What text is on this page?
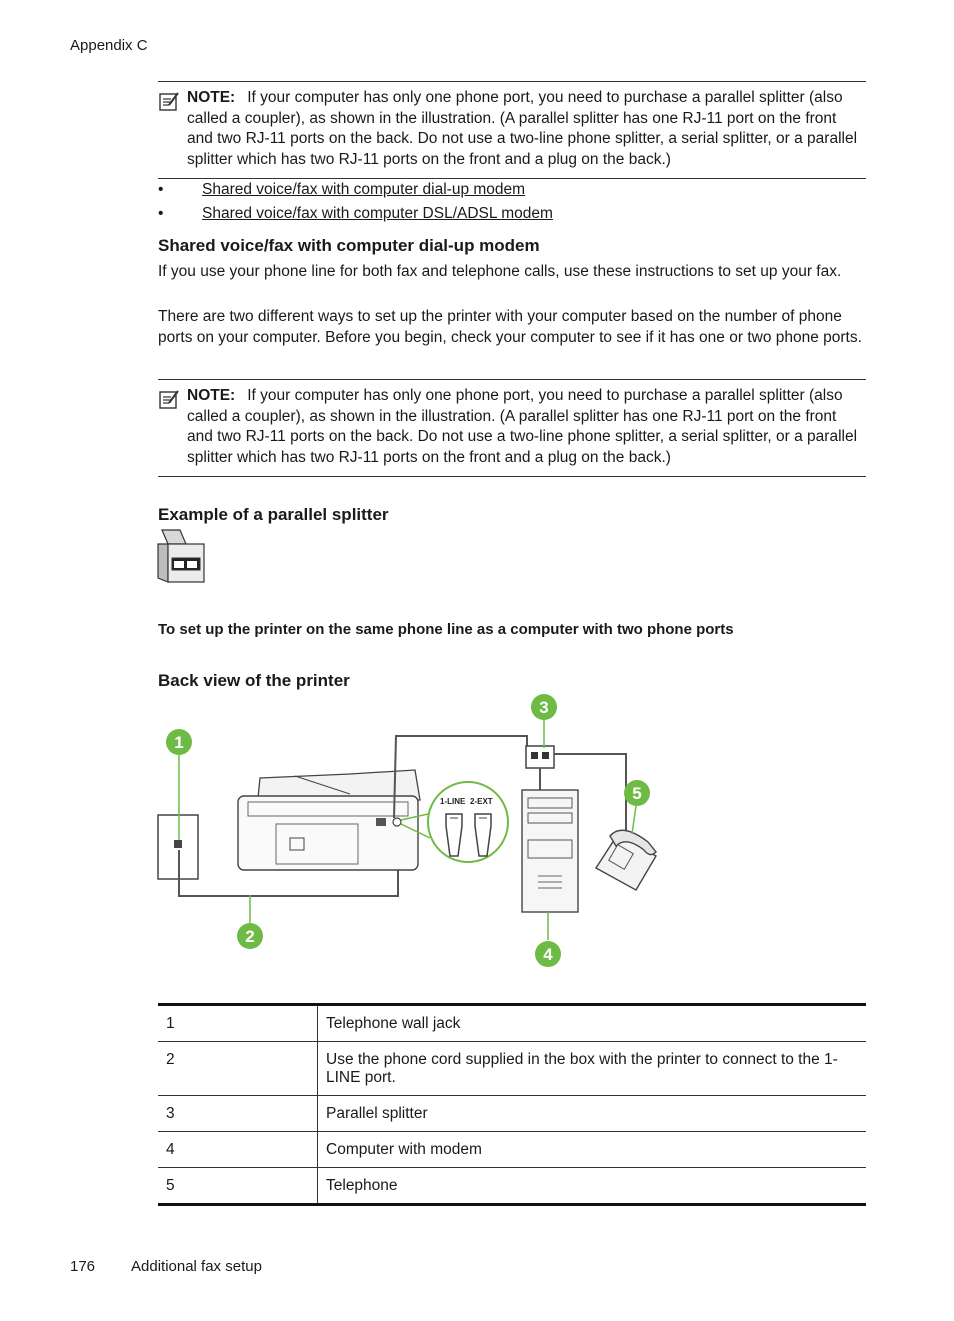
Appendix C
NOTE: If your computer has only one phone port, you need to purchase a parallel splitter (also called a coupler), as shown in the illustration. (A parallel splitter has one RJ-11 port on the front and two RJ-11 ports on the back. Do not use a two-line phone splitter, a serial splitter, or a parallel splitter which has two RJ-11 ports on the front and a plug on the back.)
• Shared voice/fax with computer dial-up modem
• Shared voice/fax with computer DSL/ADSL modem
Shared voice/fax with computer dial-up modem
If you use your phone line for both fax and telephone calls, use these instructions to set up your fax.
There are two different ways to set up the printer with your computer based on the number of phone ports on your computer. Before you begin, check your computer to see if it has one or two phone ports.
NOTE: If your computer has only one phone port, you need to purchase a parallel splitter (also called a coupler), as shown in the illustration. (A parallel splitter has one RJ-11 port on the front and two RJ-11 ports on the back. Do not use a two-line phone splitter, a serial splitter, or a parallel splitter which has two RJ-11 ports on the front and a plug on the back.)
Example of a parallel splitter
To set up the printer on the same phone line as a computer with two phone ports
Back view of the printer
1-LINE 2-EXT
1
2
3
4
5
1	Telephone wall jack
2	Use the phone cord supplied in the box with the printer to connect to the 1-LINE port.
3	Parallel splitter
4	Computer with modem
5	Telephone
176 Additional fax setup
